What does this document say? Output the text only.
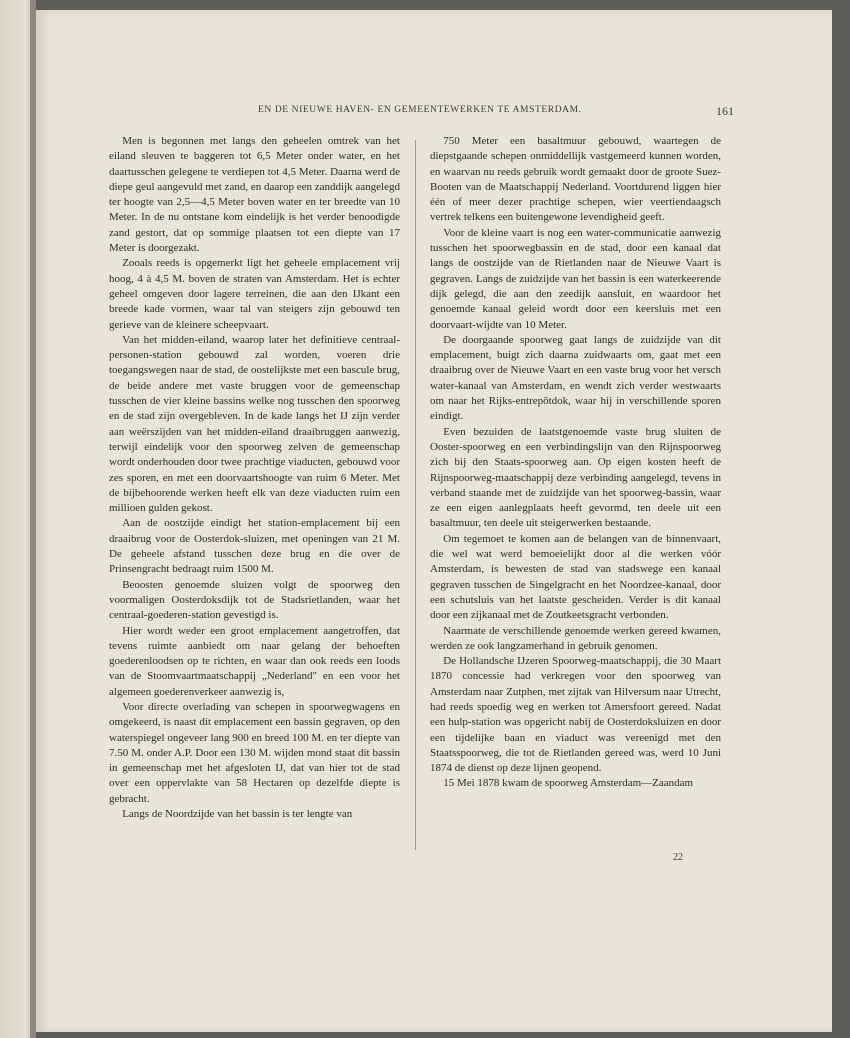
EN DE NIEUWE HAVEN- EN GEMEENTEWERKEN TE AMSTERDAM.	161

Men is begonnen met langs den geheelen omtrek van het eiland sleuven te baggeren tot 6,5 Meter onder water, en het daartusschen gelegene te verdiepen tot 4,5 Meter. Daarna werd de diepe geul aangevuld met zand, en daarop een zanddijk aangelegd ter hoogte van 2,5—4,5 Meter boven water en ter breedte van 10 Meter. In de nu ontstane kom eindelijk is het verder benoodigde zand gestort, dat op sommige plaatsen tot een diepte van 17 Meter is doorgezakt.

Zooals reeds is opgemerkt ligt het geheele emplacement vrij hoog, 4 à 4,5 M. boven de straten van Amsterdam. Het is echter geheel omgeven door lagere terreinen, die aan den IJkant een breede kade vormen, waar tal van steigers zijn gebouwd ten gerieve van de kleinere scheepvaart.

Van het midden-eiland, waarop later het definitieve centraal-personen-station gebouwd zal worden, voeren drie toegangswegen naar de stad, de oostelijkste met een bascule brug, de beide andere met vaste bruggen voor de gemeenschap tusschen de vier kleine bassins welke nog tusschen den spoorweg en de stad zijn overgebleven. In de kade langs het IJ zijn verder aan weërszijden van het midden-eiland draaibruggen aanwezig, terwijl eindelijk voor den spoorweg zelven de gemeenschap wordt onderhouden door twee prachtige viaducten, gebouwd voor zes sporen, en met een doorvaartshoogte van ruim 6 Meter. Met de bijbehoorende werken heeft elk van deze viaducten ruim een millioen gulden gekost.

Aan de oostzijde eindigt het station-emplacement bij een draaibrug voor de Oosterdok-sluizen, met openingen van 21 M. De geheele afstand tusschen deze brug en die over de Prinsengracht bedraagt ruim 1500 M.

Beoosten genoemde sluizen volgt de spoorweg den voormaligen Oosterdoksdijk tot de Stadsrietlanden, waar het centraal-goederen-station gevestigd is.

Hier wordt weder een groot emplacement aangetroffen, dat tevens ruimte aanbiedt om naar gelang der behoeften goederenloodsen op te richten, en waar dan ook reeds een loods van de Stoomvaartmaatschappij „Nederland" en een voor het algemeen goederenverkeer aanwezig is,

Voor directe overlading van schepen in spoorwegwagens en omgekeerd, is naast dit emplacement een bassin gegraven, op den waterspiegel ongeveer lang 900 en breed 100 M. en ter diepte van 7.50 M. onder A.P. Door een 130 M. wijden mond staat dit bassin in gemeenschap met het afgesloten IJ, dat van hier tot de stad over een oppervlakte van 58 Hectaren op dezelfde diepte is gebracht.

Langs de Noordzijde van het bassin is ter lengte van

750 Meter een basaltmuur gebouwd, waartegen de diepstgaande schepen onmiddellijk vastgemeerd kunnen worden, en waarvan nu reeds gebruik wordt gemaakt door de groote Suez-Booten van de Maatschappij Nederland. Voortdurend liggen hier één of meer dezer prachtige schepen, wier veertiendaagsch vertrek telkens een buitengewone levendigheid geeft.

Voor de kleine vaart is nog een water-communicatie aanwezig tusschen het spoorwegbassin en de stad, door een kanaal dat langs de oostzijde van de Rietlanden naar de Nieuwe Vaart is gegraven. Langs de zuidzijde van het bassin is een waterkeerende dijk gelegd, die aan den zeedijk aansluit, en waardoor het genoemde kanaal geleid wordt door een keersluis met een doorvaart-wijdte van 10 Meter.

De doorgaande spoorweg gaat langs de zuidzijde van dit emplacement, buigt zich daarna zuidwaarts om, gaat met een draaibrug over de Nieuwe Vaart en een vaste brug voor het versch water-kanaal van Amsterdam, en wendt zich verder westwaarts om naar het Rijks-entrepôtdok, waar hij in verschillende sporen eindigt.

Even bezuiden de laatstgenoemde vaste brug sluiten de Ooster-spoorweg en een verbindingslijn van den Rijnspoorweg zich bij den Staats-spoorweg aan. Op eigen kosten heeft de Rijnspoorweg-maatschappij deze verbinding aangelegd, tevens in verband staande met de zuidzijde van het spoorweg-bassin, waar ze een eigen aanlegplaats heeft gevormd, ten deele uit een basaltmuur, ten deele uit steigerwerken bestaande.

Om tegemoet te komen aan de belangen van de binnenvaart, die wel wat werd bemoeielijkt door al die werken vóór Amsterdam, is bewesten de stad van stadswege een kanaal gegraven tusschen de Singelgracht en het Noordzee-kanaal, door een schutsluis van het laatste gescheiden. Verder is dit kanaal door een zijkanaal met de Zoutkeetsgracht verbonden.

Naarmate de verschillende genoemde werken gereed kwamen, werden ze ook langzamerhand in gebruik genomen.

De Hollandsche IJzeren Spoorweg-maatschappij, die 30 Maart 1870 concessie had verkregen voor den spoorweg van Amsterdam naar Zutphen, met zijtak van Hilversum naar Utrecht, had reeds spoedig weg en werken tot Amersfoort gereed. Nadat een hulp-station was opgericht nabij de Oosterdoksluizen en door een tijdelijke baan en viaduct was vereenigd met den Staatsspoorweg, die tot de Rietlanden gereed was, werd 10 Juni 1874 de dienst op deze lijnen geopend.

15 Mei 1878 kwam de spoorweg Amsterdam—Zaandam

22
